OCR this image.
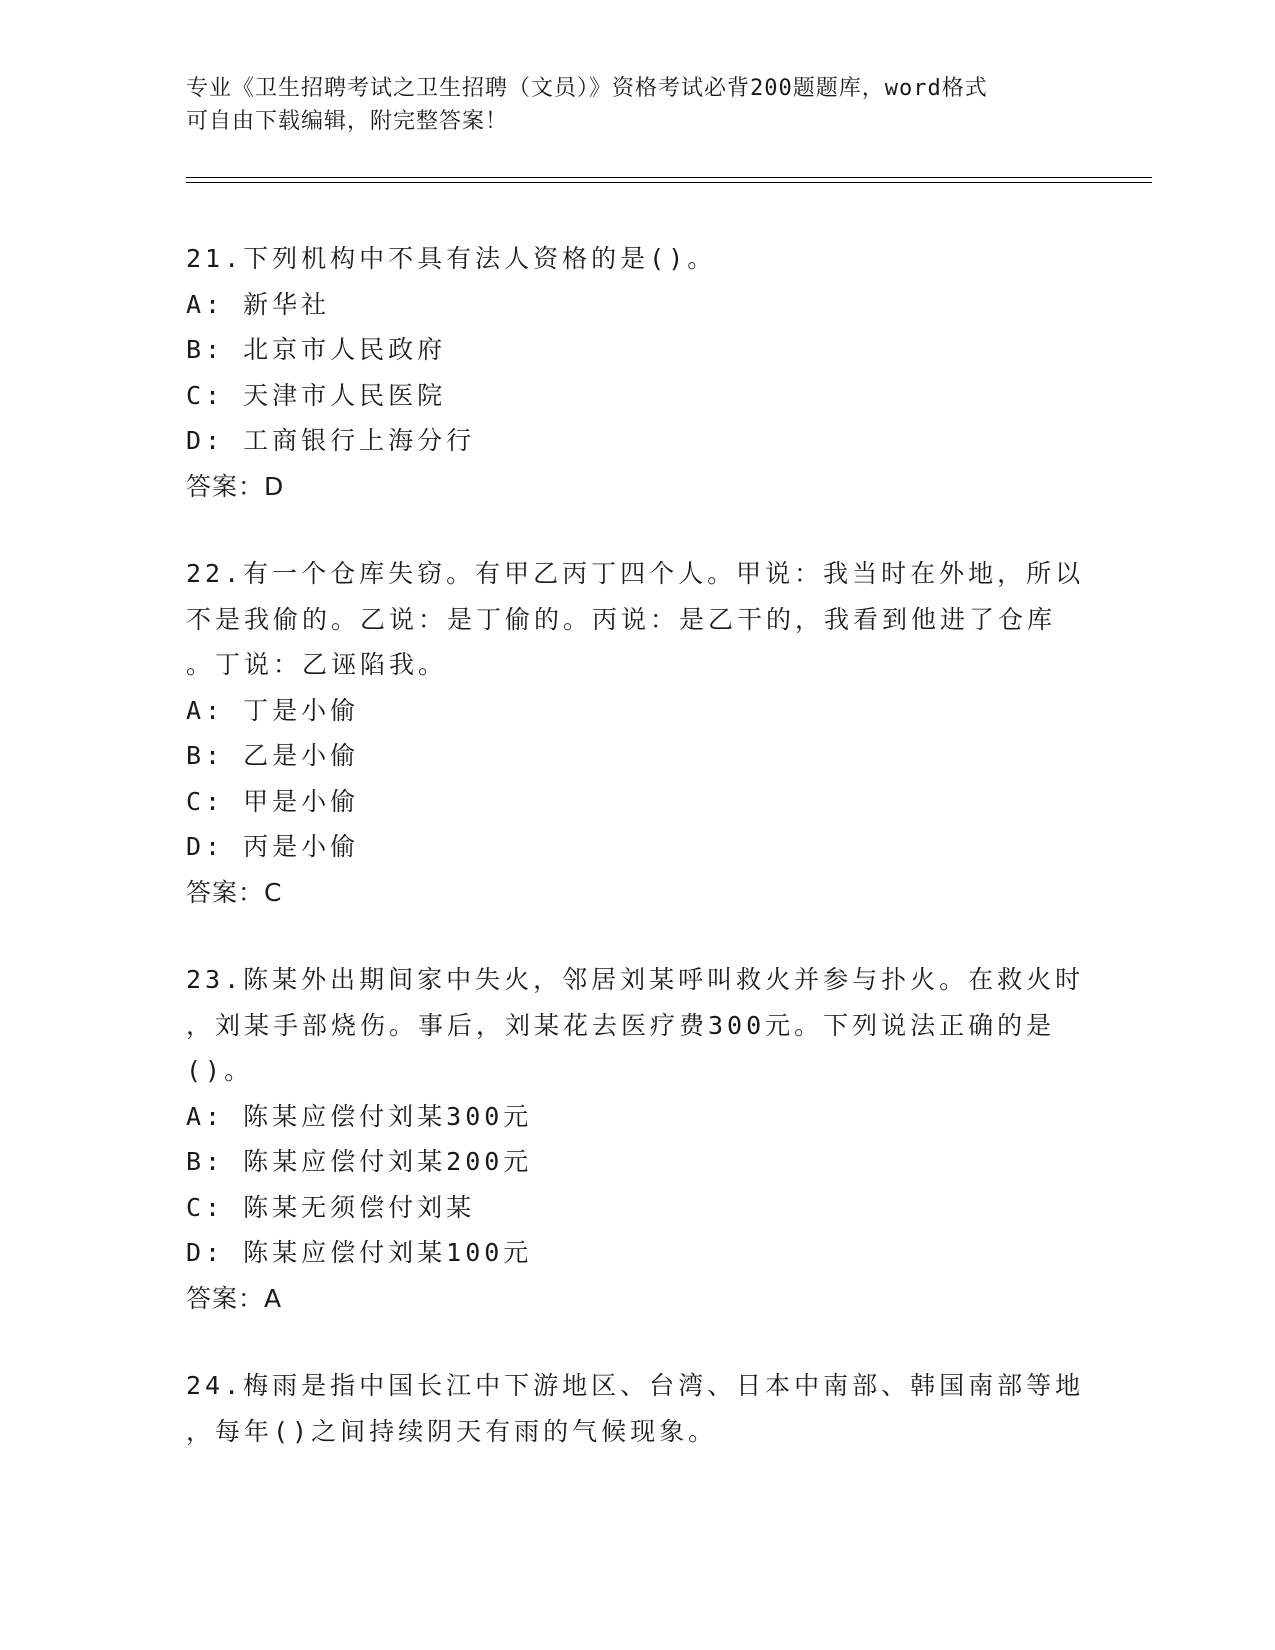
专业《卫生招聘考试之卫生招聘（文员）》资格考试必背200题题库，word格式
可自由下载编辑，附完整答案！
21.下列机构中不具有法人资格的是()。
A: 新华社
B: 北京市人民政府
C: 天津市人民医院
D: 工商银行上海分行
答案：D
22.有一个仓库失窃。有甲乙丙丁四个人。甲说：我当时在外地，所以
不是我偷的。乙说：是丁偷的。丙说：是乙干的，我看到他进了仓库
。丁说：乙诬陷我。
A: 丁是小偷
B: 乙是小偷
C: 甲是小偷
D: 丙是小偷
答案：C
23.陈某外出期间家中失火，邻居刘某呼叫救火并参与扑火。在救火时
，刘某手部烧伤。事后，刘某花去医疗费300元。下列说法正确的是
()。
A: 陈某应偿付刘某300元
B: 陈某应偿付刘某200元
C: 陈某无须偿付刘某
D: 陈某应偿付刘某100元
答案：A
24.梅雨是指中国长江中下游地区、台湾、日本中南部、韩国南部等地
，每年()之间持续阴天有雨的气候现象。
